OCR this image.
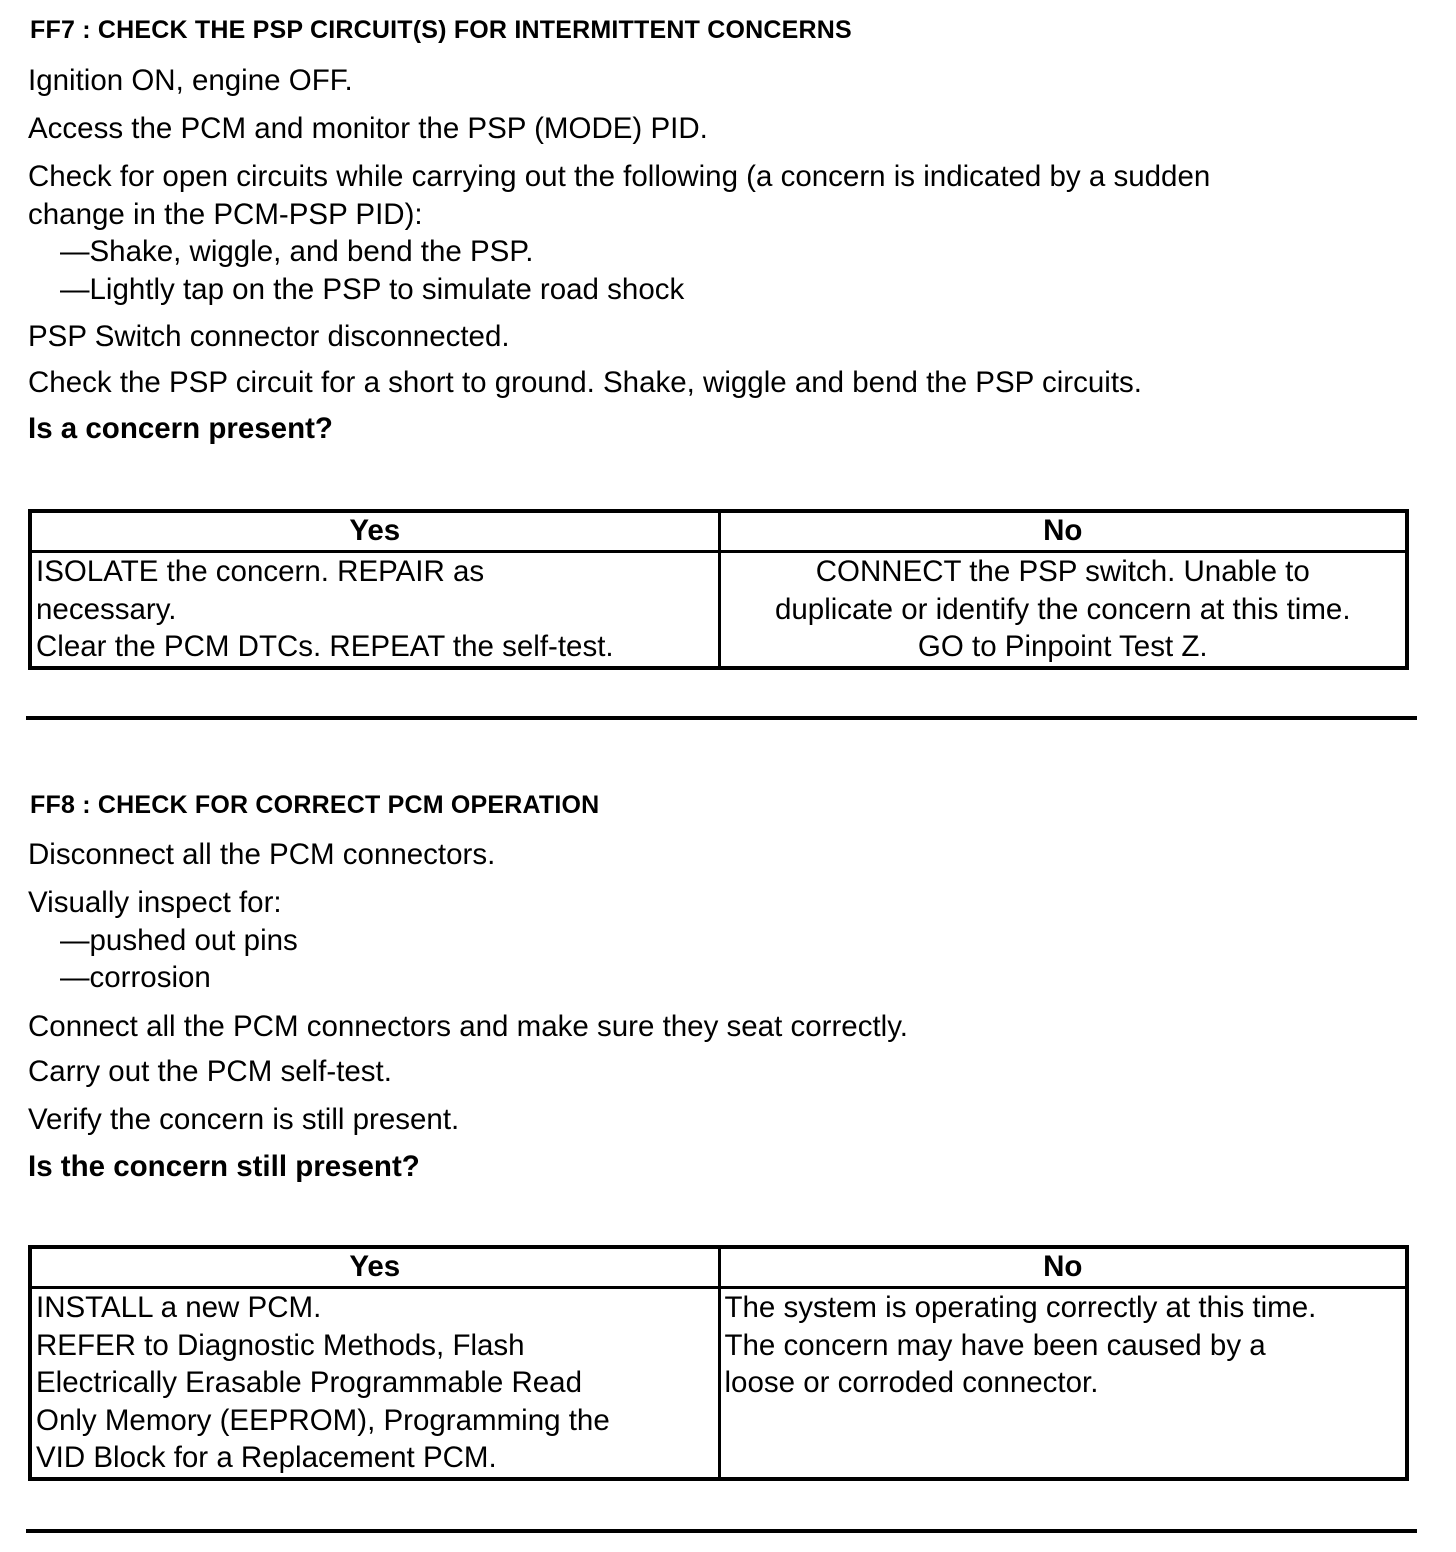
FF7 : CHECK THE PSP CIRCUIT(S) FOR INTERMITTENT CONCERNS
Ignition ON, engine OFF.
Access the PCM and monitor the PSP (MODE) PID.
Check for open circuits while carrying out the following (a concern is indicated by a sudden
change in the PCM-PSP PID):
—Shake, wiggle, and bend the PSP.
—Lightly tap on the PSP to simulate road shock
PSP Switch connector disconnected.
Check the PSP circuit for a short to ground. Shake, wiggle and bend the PSP circuits.
Is a concern present?
Yes	No

ISOLATE the concern. REPAIR as
necessary.
Clear the PCM DTCs. REPEAT the self-test.	CONNECT the PSP switch. Unable to
duplicate or identify the concern at this time.
GO to Pinpoint Test Z.
FF8 : CHECK FOR CORRECT PCM OPERATION
Disconnect all the PCM connectors.
Visually inspect for:
—pushed out pins
—corrosion
Connect all the PCM connectors and make sure they seat correctly.
Carry out the PCM self-test.
Verify the concern is still present.
Is the concern still present?
Yes	No

INSTALL a new PCM.
REFER to Diagnostic Methods, Flash
Electrically Erasable Programmable Read
Only Memory (EEPROM), Programming the
VID Block for a Replacement PCM.	The system is operating correctly at this time.
The concern may have been caused by a
loose or corroded connector.
